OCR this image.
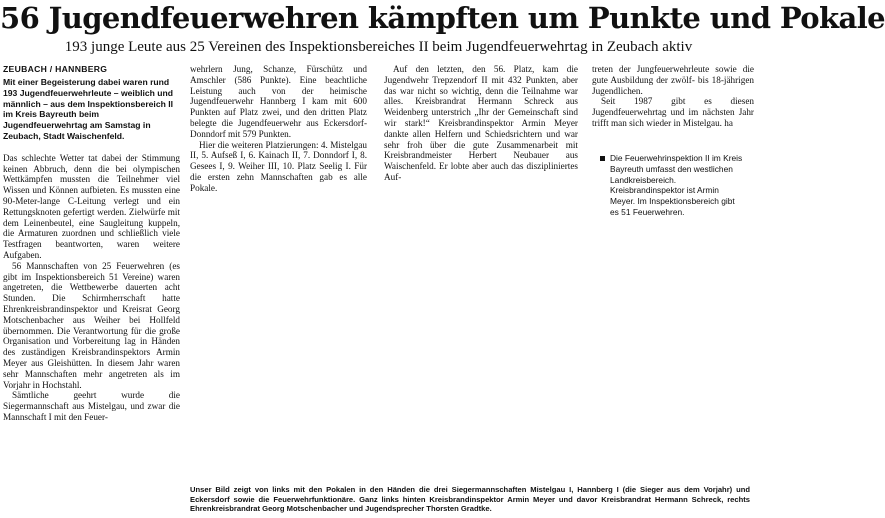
56 Jugendfeuerwehren kämpften um Punkte und Pokale
193 junge Leute aus 25 Vereinen des Inspektionsbereiches II beim Jugendfeuerwehrtag in Zeubach aktiv
ZEUBACH / HANNBERG

Mit einer Begeisterung dabei waren rund 193 Jugendfeuerwehrleute – weiblich und männlich – aus dem Inspektionsbereich II im Kreis Bayreuth beim Jugendfeuerwehrtag am Samstag in Zeubach, Stadt Waischenfeld.

Das schlechte Wetter tat dabei der Stimmung keinen Abbruch, denn die bei olympischen Wettkämpfen mussten die Teilnehmer viel Wissen und Können aufbieten. Es mussten eine 90-Meter-lange C-Leitung verlegt und ein Rettungsknoten gefertigt werden. Zielwürfe mit dem Leinenbeutel, eine Saugleitung kuppeln, die Armaturen zuordnen und schließlich viele Testfragen beantworten, waren weitere Aufgaben.

56 Mannschaften von 25 Feuerwehren (es gibt im Inspektionsbereich 51 Vereine) waren angetreten, die Wettbewerbe dauerten acht Stunden. Die Schirmherrschaft hatte Ehrenkreisbrandinspektor und Kreisrat Georg Motschenbacher aus Weiher bei Hollfeld übernommen. Die Verantwortung für die große Organisation und Vorbereitung lag in Händen des zuständigen Kreisbrandinspektors Armin Meyer aus Gleishütten. In diesem Jahr waren sehr Mannschaften mehr angetreten als im Vorjahr in Hochstahl.

Sämtliche geehrt wurde die Siegermannschaft aus Mistelgau, und zwar die Mannschaft I mit den Feuer-

wehrlern Jung, Schanze, Fürschütz und Amschler (586 Punkte). Eine beachtliche Leistung auch von der heimische Jugendfeuerwehr Hannberg I kam mit 600 Punkten auf Platz zwei, und den dritten Platz belegte die Jugendfeuerwehr aus Eckersdorf-Donndorf mit 579 Punkten.

Hier die weiteren Platzierungen: 4. Mistelgau II, 5. Aufseß I, 6. Kainach II, 7. Donndorf I, 8. Gesees I, 9. Weiher III, 10. Platz Seelig I. Für die ersten zehn Mannschaften gab es alle Pokale.

Auf den letzten, den 56. Platz, kam die Jugendwehr Trepzendorf II mit 432 Punkten, aber das war nicht so wichtig, denn die Teilnahme war alles. Kreisbrandrat Hermann Schreck aus Weidenberg unterstrich „Ihr der Gemeinschaft sind wir stark!“ Kreisbrandinspektor Armin Meyer dankte allen Helfern und Schiedsrichtern und war sehr froh über die gute Zusammenarbeit mit Kreisbrandmeister Herbert Neubauer aus Waischenfeld. Er lobte aber auch das diszipliniertes Auf-

treten der Jungfeuerwehrleute sowie die gute Ausbildung der zwölf- bis 18-jährigen Jugendlichen.

Seit 1987 gibt es diesen Jugendfeuerwehrtag und im nächsten Jahr trifft man sich wieder in Mistelgau. ha

Die Feuerwehrinspektion II im Kreis Bayreuth umfasst den westlichen Landkreisbereich. Kreisbrandinspektor ist Armin Meyer. Im Inspektionsbereich gibt es 51 Feuerwehren.
Unser Bild zeigt von links mit den Pokalen in den Händen die drei Siegermannschaften Mistelgau I, Hannberg I (die Sieger aus dem Vorjahr) und Eckersdorf sowie die Feuerwehrfunktionäre. Ganz links hinten Kreisbrandinspektor Armin Meyer und davor Kreisbrandrat Hermann Schreck, rechts Ehrenkreisbrandrat Georg Motschenbacher und Jugendsprecher Thorsten Gradtke.
